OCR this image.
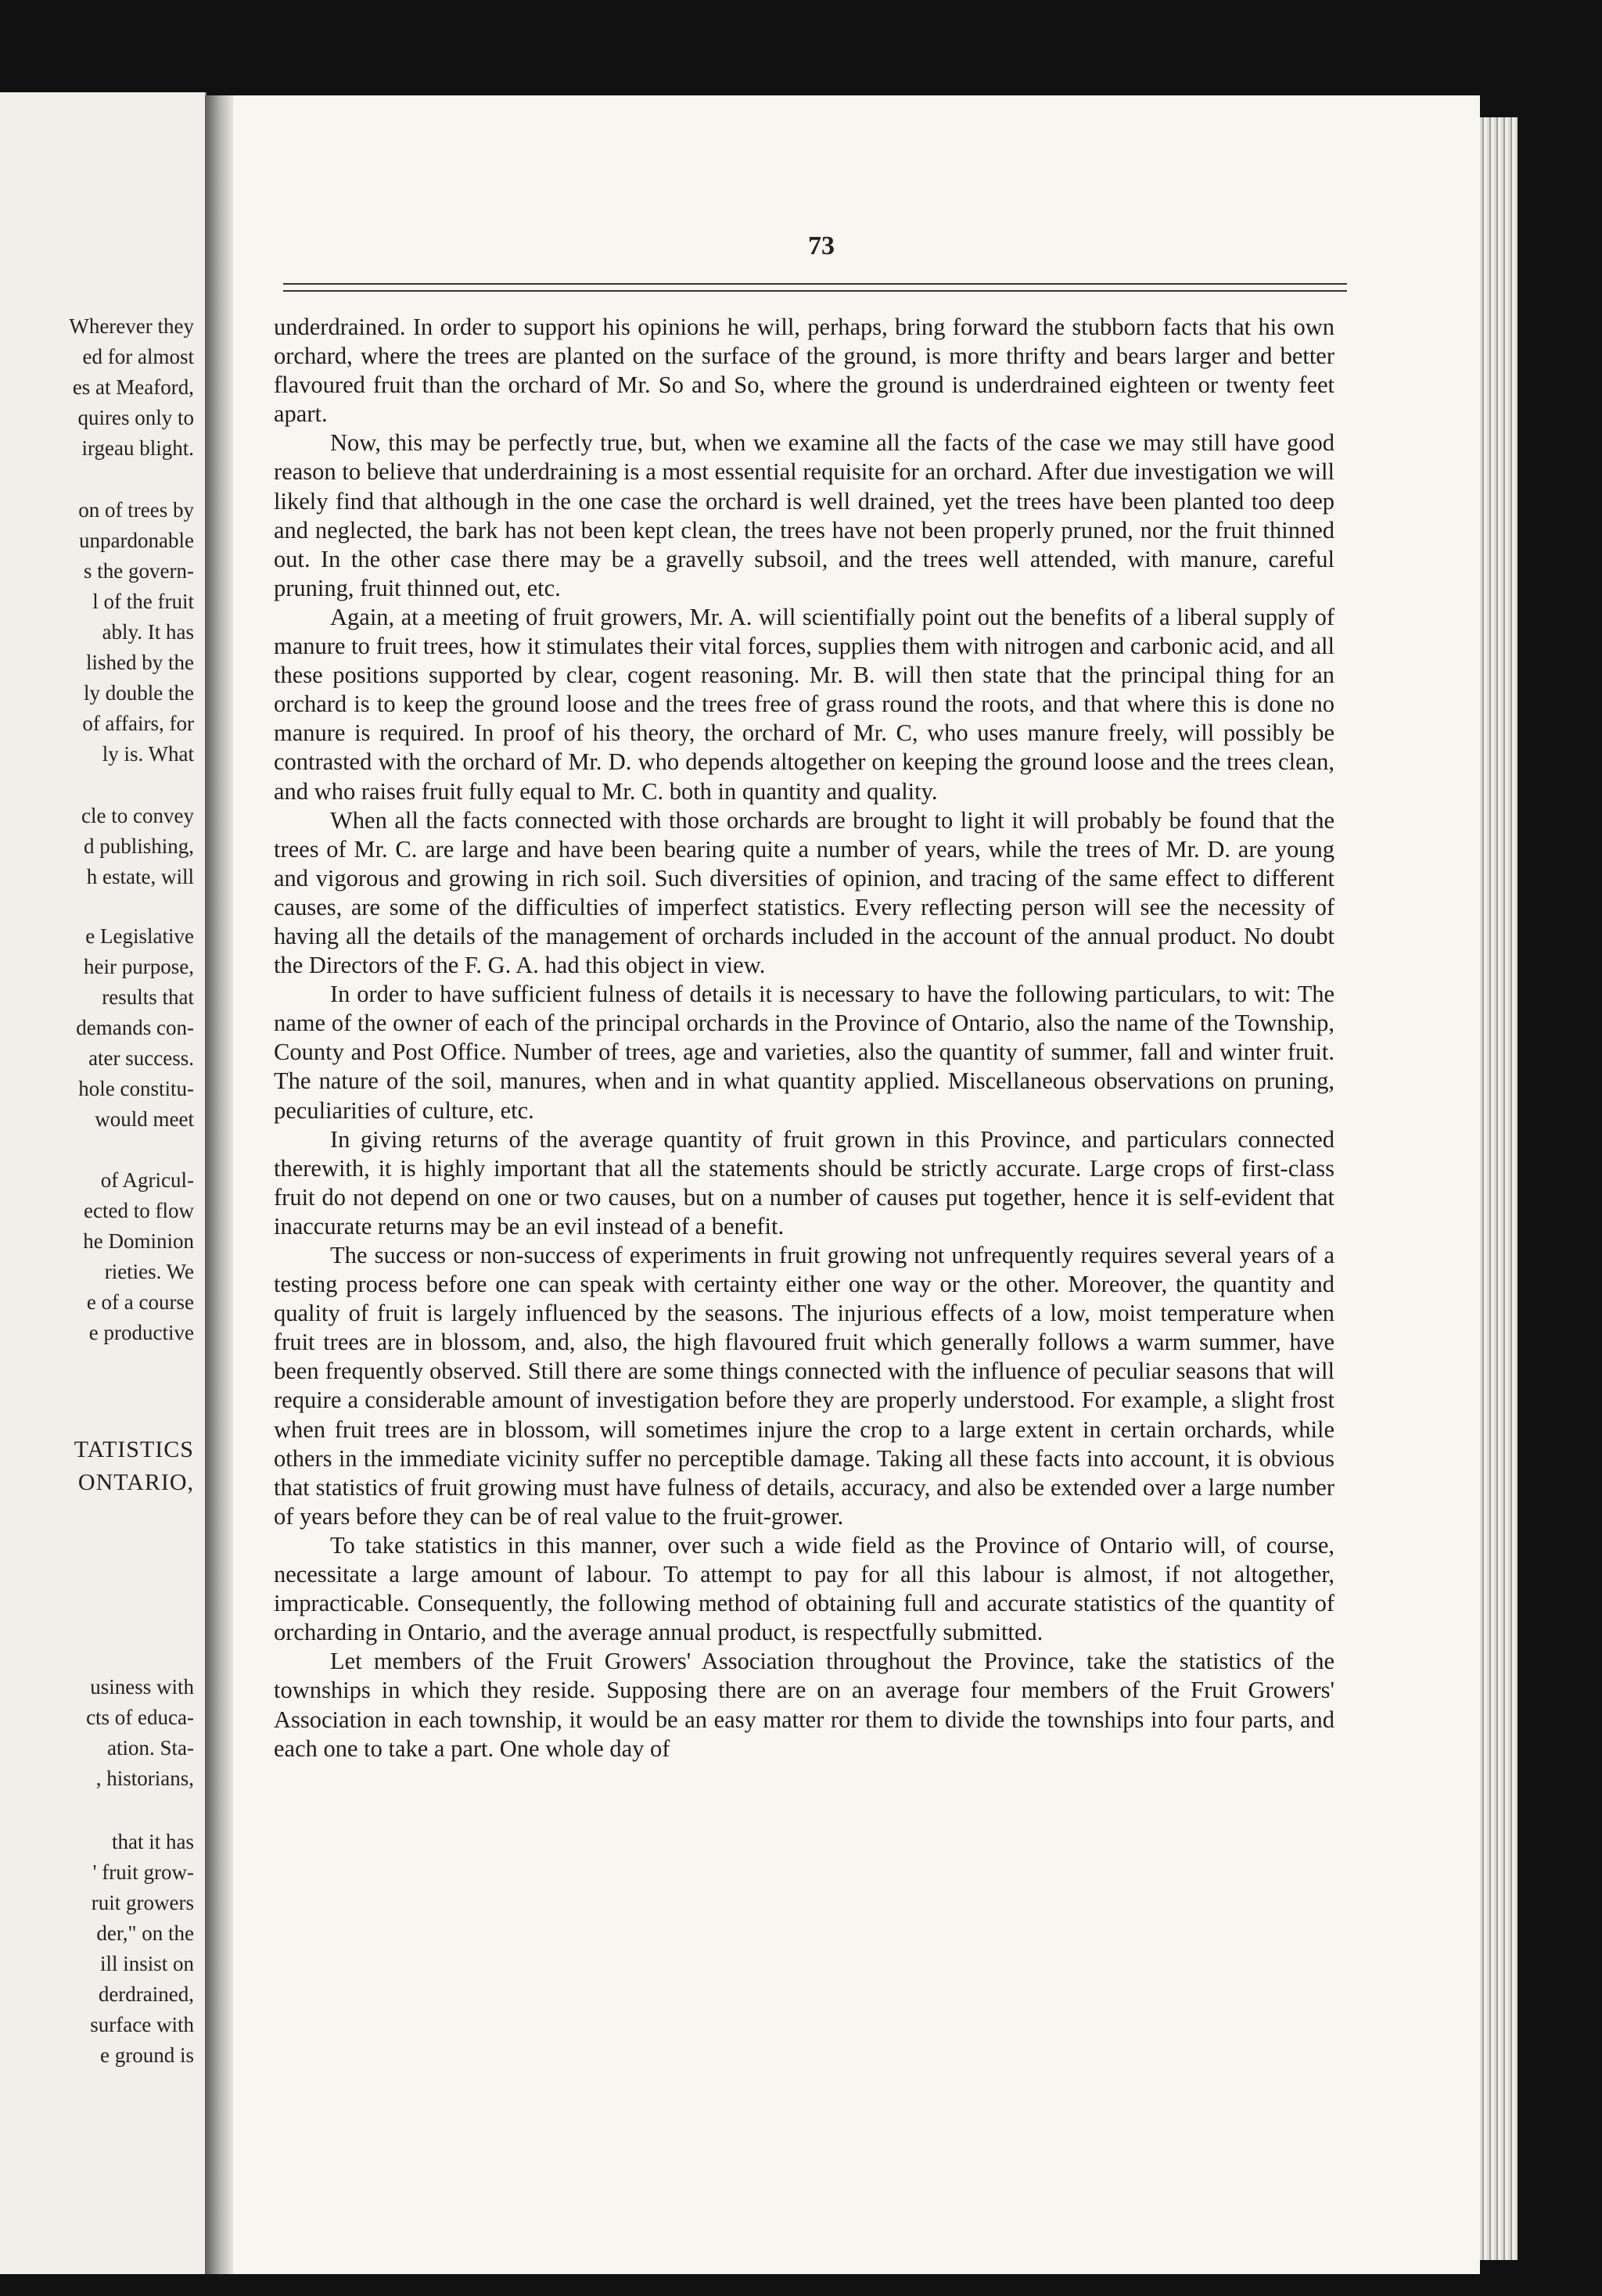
Wherever they

ed for almost

es at Meaford,

quires only to

irgeau blight.

on of trees by

unpardonable

s the govern-

l of the fruit

ably. It has

lished by the

ly double the

of affairs, for

ly is. What

cle to convey

d publishing,

h estate, will

e Legislative

heir purpose,

results that

demands con-

ater success.

hole constitu-

would meet

of Agricul-

ected to flow

he Dominion

rieties. We

e of a course

e productive

TATISTICS

ONTARIO,

usiness with

cts of educa-

ation. Sta-

, historians,

that it has

' fruit grow-

ruit growers

der," on the

ill insist on

derdrained,

surface with

e ground is

73

underdrained. In order to support his opinions he will, perhaps, bring forward the stubborn facts that his own orchard, where the trees are planted on the surface of the ground, is more thrifty and bears larger and better flavoured fruit than the orchard of Mr. So and So, where the ground is underdrained eighteen or twenty feet apart.

Now, this may be perfectly true, but, when we examine all the facts of the case we may still have good reason to believe that underdraining is a most essential requisite for an orchard. After due investigation we will likely find that although in the one case the orchard is well drained, yet the trees have been planted too deep and neglected, the bark has not been kept clean, the trees have not been properly pruned, nor the fruit thinned out. In the other case there may be a gravelly subsoil, and the trees well attended, with manure, careful pruning, fruit thinned out, etc.

Again, at a meeting of fruit growers, Mr. A. will scientifially point out the benefits of a liberal supply of manure to fruit trees, how it stimulates their vital forces, supplies them with nitrogen and carbonic acid, and all these positions supported by clear, cogent reasoning. Mr. B. will then state that the principal thing for an orchard is to keep the ground loose and the trees free of grass round the roots, and that where this is done no manure is required. In proof of his theory, the orchard of Mr. C, who uses manure freely, will possibly be contrasted with the orchard of Mr. D. who depends altogether on keeping the ground loose and the trees clean, and who raises fruit fully equal to Mr. C. both in quantity and quality.

When all the facts connected with those orchards are brought to light it will probably be found that the trees of Mr. C. are large and have been bearing quite a number of years, while the trees of Mr. D. are young and vigorous and growing in rich soil. Such diversities of opinion, and tracing of the same effect to different causes, are some of the difficulties of imperfect statistics. Every reflecting person will see the necessity of having all the details of the management of orchards included in the account of the annual product. No doubt the Directors of the F. G. A. had this object in view.

In order to have sufficient fulness of details it is necessary to have the following particulars, to wit: The name of the owner of each of the principal orchards in the Province of Ontario, also the name of the Township, County and Post Office. Number of trees, age and varieties, also the quantity of summer, fall and winter fruit. The nature of the soil, manures, when and in what quantity applied. Miscellaneous observations on pruning, peculiarities of culture, etc.

In giving returns of the average quantity of fruit grown in this Province, and particulars connected therewith, it is highly important that all the statements should be strictly accurate. Large crops of first-class fruit do not depend on one or two causes, but on a number of causes put together, hence it is self-evident that inaccurate returns may be an evil instead of a benefit.

The success or non-success of experiments in fruit growing not unfrequently requires several years of a testing process before one can speak with certainty either one way or the other. Moreover, the quantity and quality of fruit is largely influenced by the seasons. The injurious effects of a low, moist temperature when fruit trees are in blossom, and, also, the high flavoured fruit which generally follows a warm summer, have been frequently observed. Still there are some things connected with the influence of peculiar seasons that will require a considerable amount of investigation before they are properly understood. For example, a slight frost when fruit trees are in blossom, will sometimes injure the crop to a large extent in certain orchards, while others in the immediate vicinity suffer no perceptible damage. Taking all these facts into account, it is obvious that statistics of fruit growing must have fulness of details, accuracy, and also be extended over a large number of years before they can be of real value to the fruit-grower.

To take statistics in this manner, over such a wide field as the Province of Ontario will, of course, necessitate a large amount of labour. To attempt to pay for all this labour is almost, if not altogether, impracticable. Consequently, the following method of obtaining full and accurate statistics of the quantity of orcharding in Ontario, and the average annual product, is respectfully submitted.

Let members of the Fruit Growers' Association throughout the Province, take the statistics of the townships in which they reside. Supposing there are on an average four members of the Fruit Growers' Association in each township, it would be an easy matter ror them to divide the townships into four parts, and each one to take a part. One whole day of
